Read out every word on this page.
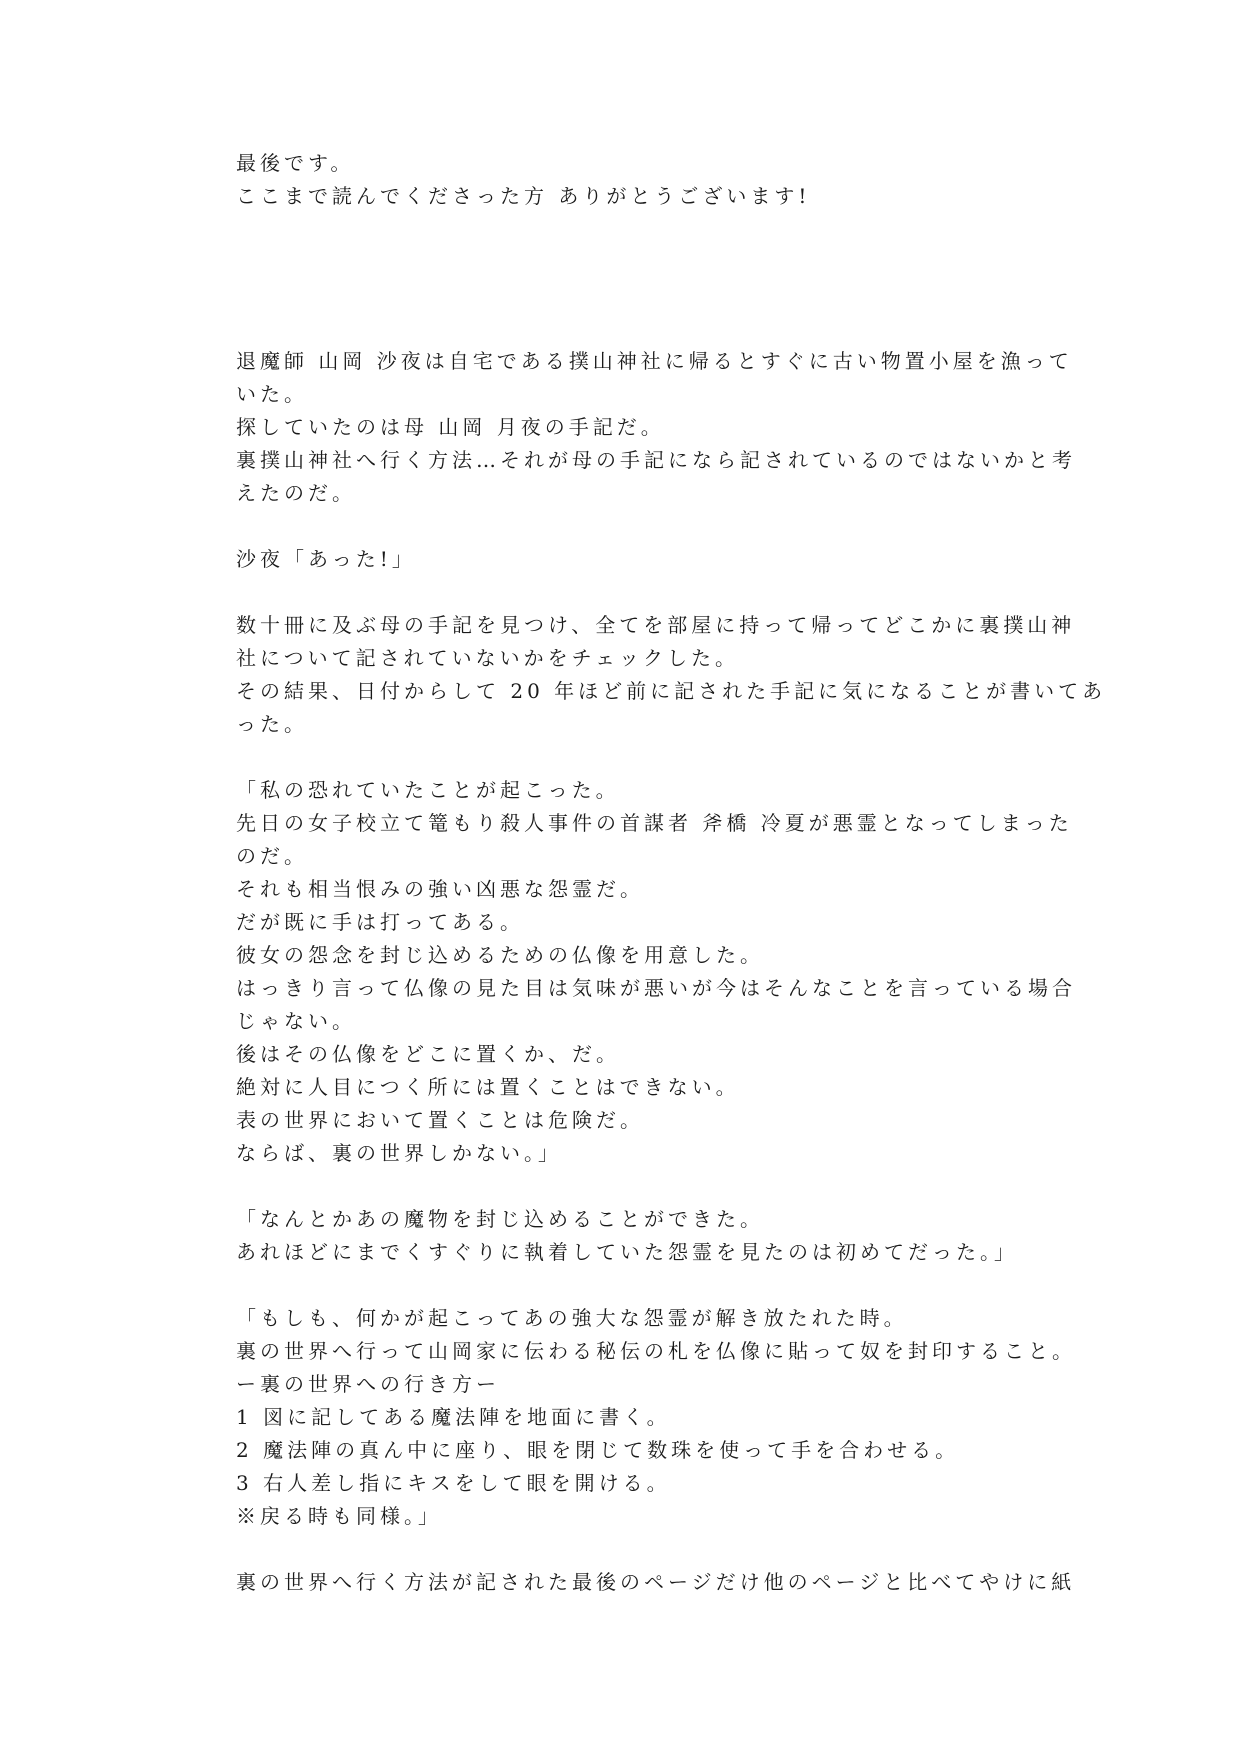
最後です。
ここまで読んでくださった方 ありがとうございます!
退魔師 山岡 沙夜は自宅である撲山神社に帰るとすぐに古い物置小屋を漁って
いた。
探していたのは母 山岡 月夜の手記だ。
裏撲山神社へ行く方法…それが母の手記になら記されているのではないかと考
えたのだ。
沙夜「あった!」
数十冊に及ぶ母の手記を見つけ、全てを部屋に持って帰ってどこかに裏撲山神
社について記されていないかをチェックした。
その結果、日付からして 20 年ほど前に記された手記に気になることが書いてあ
った。
「私の恐れていたことが起こった。
先日の女子校立て篭もり殺人事件の首謀者 斧橋 冷夏が悪霊となってしまった
のだ。
それも相当恨みの強い凶悪な怨霊だ。
だが既に手は打ってある。
彼女の怨念を封じ込めるための仏像を用意した。
はっきり言って仏像の見た目は気味が悪いが今はそんなことを言っている場合
じゃない。
後はその仏像をどこに置くか、だ。
絶対に人目につく所には置くことはできない。
表の世界において置くことは危険だ。
ならば、裏の世界しかない。」
「なんとかあの魔物を封じ込めることができた。
あれほどにまでくすぐりに執着していた怨霊を見たのは初めてだった。」
「もしも、何かが起こってあの強大な怨霊が解き放たれた時。
裏の世界へ行って山岡家に伝わる秘伝の札を仏像に貼って奴を封印すること。
ー裏の世界への行き方ー
1 図に記してある魔法陣を地面に書く。
2 魔法陣の真ん中に座り、眼を閉じて数珠を使って手を合わせる。
3 右人差し指にキスをして眼を開ける。
※戻る時も同様。」
裏の世界へ行く方法が記された最後のページだけ他のページと比べてやけに紙
